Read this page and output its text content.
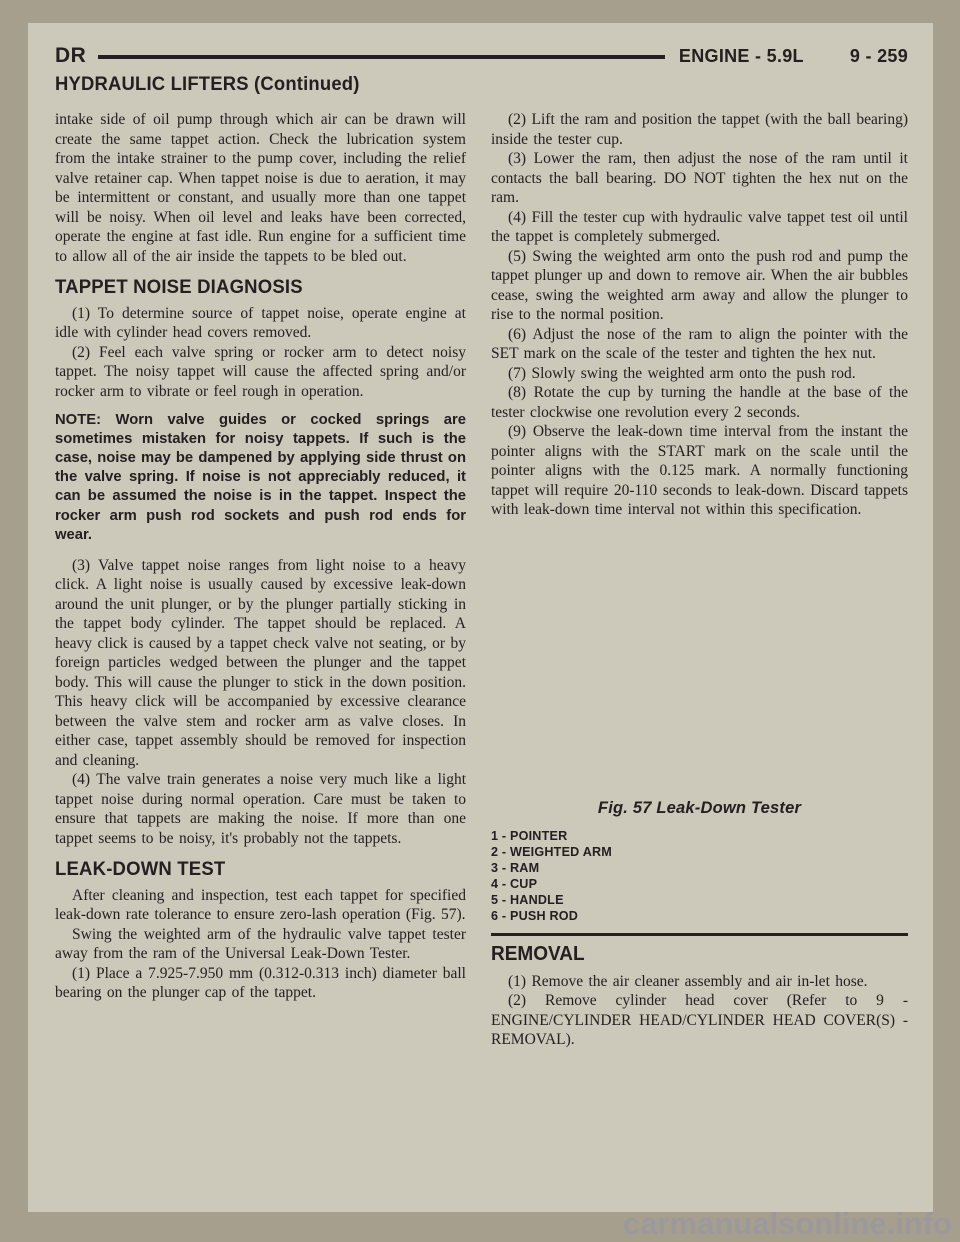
DR	ENGINE - 5.9L	9 - 259
HYDRAULIC LIFTERS (Continued)

intake side of oil pump through which air can be drawn will create the same tappet action. Check the lubrication system from the intake strainer to the pump cover, including the relief valve retainer cap. When tappet noise is due to aeration, it may be intermittent or constant, and usually more than one tappet will be noisy. When oil level and leaks have been corrected, operate the engine at fast idle. Run engine for a sufficient time to allow all of the air inside the tappets to be bled out.

TAPPET NOISE DIAGNOSIS

(1) To determine source of tappet noise, operate engine at idle with cylinder head covers removed.

(2) Feel each valve spring or rocker arm to detect noisy tappet. The noisy tappet will cause the affected spring and/or rocker arm to vibrate or feel rough in operation.

NOTE: Worn valve guides or cocked springs are sometimes mistaken for noisy tappets. If such is the case, noise may be dampened by applying side thrust on the valve spring. If noise is not appreciably reduced, it can be assumed the noise is in the tappet. Inspect the rocker arm push rod sockets and push rod ends for wear.

(3) Valve tappet noise ranges from light noise to a heavy click. A light noise is usually caused by excessive leak-down around the unit plunger, or by the plunger partially sticking in the tappet body cylinder. The tappet should be replaced. A heavy click is caused by a tappet check valve not seating, or by foreign particles wedged between the plunger and the tappet body. This will cause the plunger to stick in the down position. This heavy click will be accompanied by excessive clearance between the valve stem and rocker arm as valve closes. In either case, tappet assembly should be removed for inspection and cleaning.

(4) The valve train generates a noise very much like a light tappet noise during normal operation. Care must be taken to ensure that tappets are making the noise. If more than one tappet seems to be noisy, it's probably not the tappets.

LEAK-DOWN TEST

After cleaning and inspection, test each tappet for specified leak-down rate tolerance to ensure zero-lash operation (Fig. 57).

Swing the weighted arm of the hydraulic valve tappet tester away from the ram of the Universal Leak-Down Tester.

(1) Place a 7.925-7.950 mm (0.312-0.313 inch) diameter ball bearing on the plunger cap of the tappet.

(2) Lift the ram and position the tappet (with the ball bearing) inside the tester cup.

(3) Lower the ram, then adjust the nose of the ram until it contacts the ball bearing. DO NOT tighten the hex nut on the ram.

(4) Fill the tester cup with hydraulic valve tappet test oil until the tappet is completely submerged.

(5) Swing the weighted arm onto the push rod and pump the tappet plunger up and down to remove air. When the air bubbles cease, swing the weighted arm away and allow the plunger to rise to the normal position.

(6) Adjust the nose of the ram to align the pointer with the SET mark on the scale of the tester and tighten the hex nut.

(7) Slowly swing the weighted arm onto the push rod.

(8) Rotate the cup by turning the handle at the base of the tester clockwise one revolution every 2 seconds.

(9) Observe the leak-down time interval from the instant the pointer aligns with the START mark on the scale until the pointer aligns with the 0.125 mark. A normally functioning tappet will require 20-110 seconds to leak-down. Discard tappets with leak-down time interval not within this specification.

Fig. 57 Leak-Down Tester
1 - POINTER
2 - WEIGHTED ARM
3 - RAM
4 - CUP
5 - HANDLE
6 - PUSH ROD
REMOVAL

(1) Remove the air cleaner assembly and air in-let hose.

(2) Remove cylinder head cover (Refer to 9 - ENGINE/CYLINDER HEAD/CYLINDER HEAD COVER(S) - REMOVAL).

carmanualsonline.info
